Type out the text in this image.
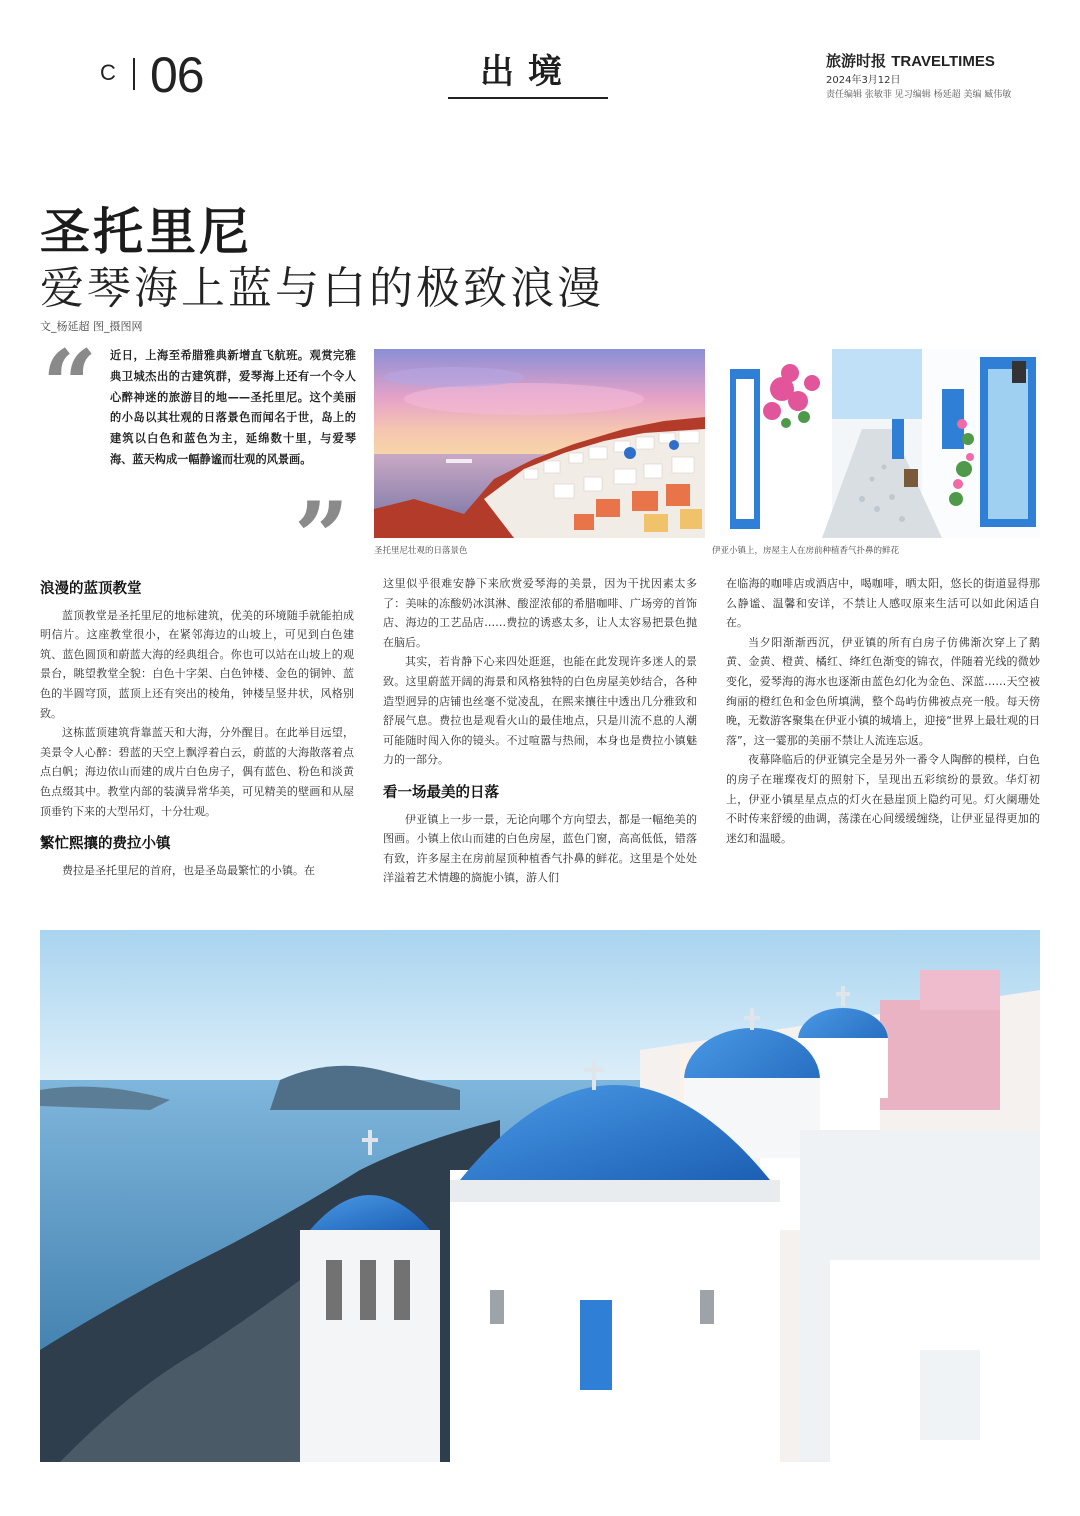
C 06	出境	旅游时报 TRAVELTIMES
2024年3月12日
责任编辑 张敏菲 见习编辑 杨延超 美编 臧伟敏
圣托里尼
爱琴海上蓝与白的极致浪漫
文_杨延超 图_摄图网
“ 近日，上海至希腊雅典新增直飞航班。观赏完雅典卫城杰出的古建筑群，爱琴海上还有一个令人心醉神迷的旅游目的地——圣托里尼。这个美丽的小岛以其壮观的日落景色而闻名于世，岛上的建筑以白色和蓝色为主，延绵数十里，与爱琴海、蓝天构成一幅静谧而壮观的风景画。
”	圣托里尼壮观的日落景色	伊亚小镇上，房屋主人在房前种植香气扑鼻的鲜花
浪漫的蓝顶教堂

蓝顶教堂是圣托里尼的地标建筑，优美的环境随手就能拍成明信片。这座教堂很小，在紧邻海边的山坡上，可见到白色建筑、蓝色圆顶和蔚蓝大海的经典组合。你也可以站在山坡上的观景台，眺望教堂全貌：白色十字架、白色钟楼、金色的铜钟、蓝色的半圆穹顶，蓝顶上还有突出的棱角，钟楼呈竖井状，风格别致。

这栋蓝顶建筑背靠蓝天和大海，分外醒目。在此举目远望，美景令人心醉：碧蓝的天空上飘浮着白云，蔚蓝的大海散落着点点白帆；海边依山而建的成片白色房子，偶有蓝色、粉色和淡黄色点缀其中。教堂内部的装潢异常华美，可见精美的壁画和从屋顶垂钓下来的大型吊灯，十分壮观。

繁忙熙攘的费拉小镇

费拉是圣托里尼的首府，也是圣岛最繁忙的小镇。在

这里似乎很难安静下来欣赏爱琴海的美景，因为干扰因素太多了：美味的冻酸奶冰淇淋、酸涩浓郁的希腊咖啡、广场旁的首饰店、海边的工艺品店……费拉的诱惑太多，让人太容易把景色抛在脑后。

其实，若肯静下心来四处逛逛，也能在此发现许多迷人的景致。这里蔚蓝开阔的海景和风格独特的白色房屋美妙结合，各种造型迥异的店铺也丝毫不觉凌乱，在熙来攘往中透出几分雅致和舒展气息。费拉也是观看火山的最佳地点，只是川流不息的人潮可能随时闯入你的镜头。不过喧嚣与热闹，本身也是费拉小镇魅力的一部分。

看一场最美的日落

伊亚镇上一步一景，无论向哪个方向望去，都是一幅绝美的图画。小镇上依山而建的白色房屋，蓝色门窗，高高低低，错落有致，许多屋主在房前屋顶种植香气扑鼻的鲜花。这里是个处处洋溢着艺术情趣的旖旎小镇，游人们

在临海的咖啡店或酒店中，喝咖啡，晒太阳，悠长的街道显得那么静谧、温馨和安详，不禁让人感叹原来生活可以如此闲适自在。

当夕阳渐渐西沉，伊亚镇的所有白房子仿佛渐次穿上了鹅黄、金黄、橙黄、橘红、绛红色渐变的锦衣，伴随着光线的微妙变化，爱琴海的海水也逐渐由蓝色幻化为金色、深蓝……天空被绚丽的橙红色和金色所填满，整个岛屿仿佛被点亮一般。每天傍晚，无数游客聚集在伊亚小镇的城墙上，迎接“世界上最壮观的日落”，这一霎那的美丽不禁让人流连忘返。

夜幕降临后的伊亚镇完全是另外一番令人陶醉的模样，白色的房子在璀璨夜灯的照射下，呈现出五彩缤纷的景致。华灯初上，伊亚小镇星星点点的灯火在悬崖顶上隐约可见。灯火阑珊处不时传来舒缓的曲调，荡漾在心间缓缓缠绕，让伊亚显得更加的迷幻和温暖。
